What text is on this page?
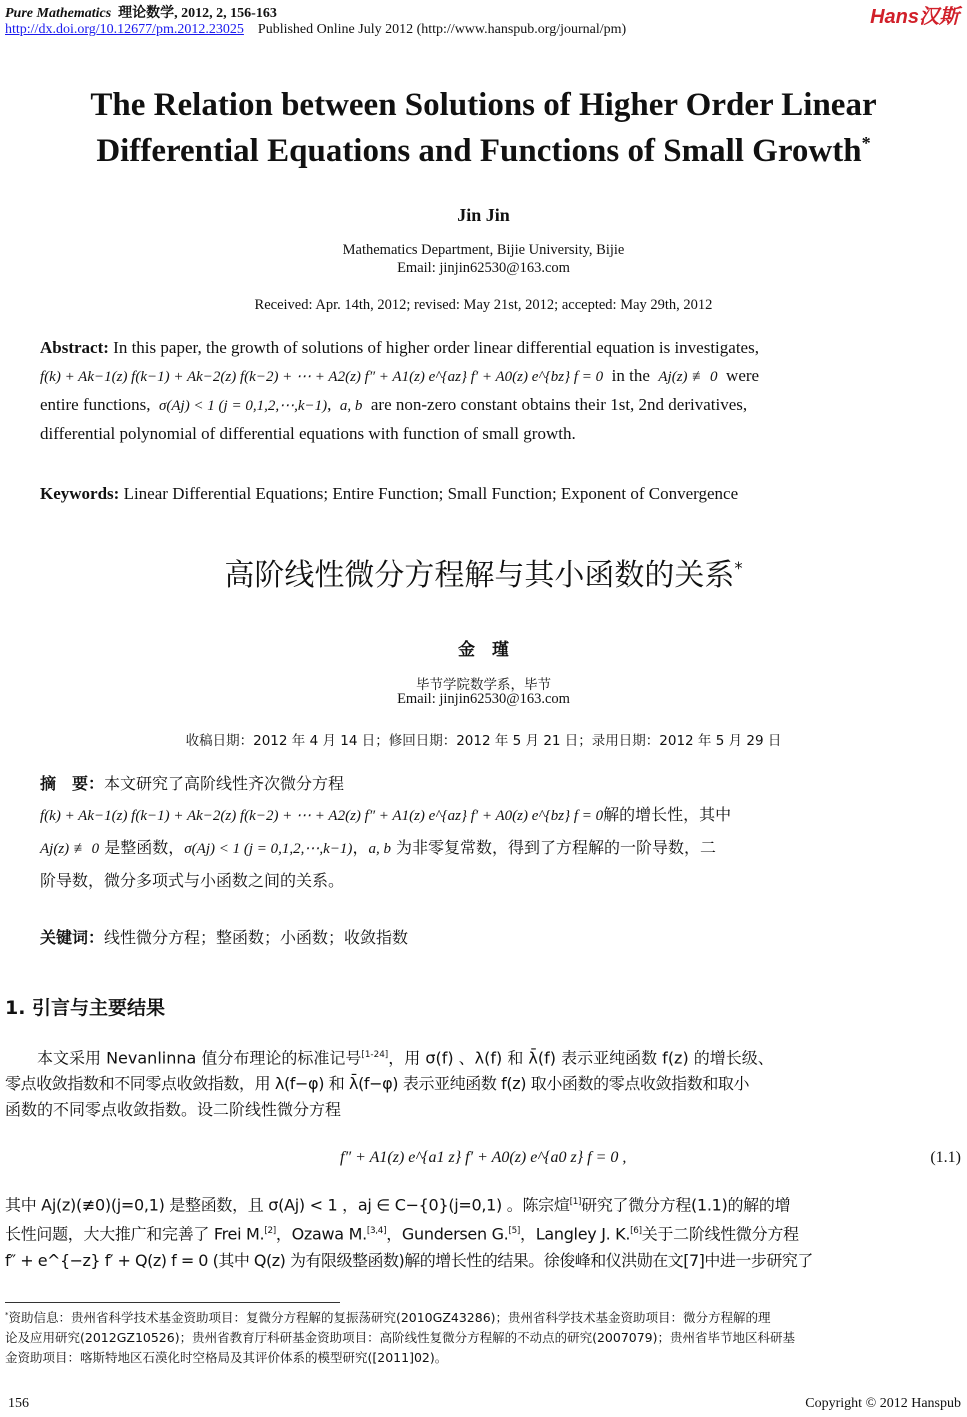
Pure Mathematics 理论数学, 2012, 2, 156-163
http://dx.doi.org/10.12677/pm.2012.23025 Published Online July 2012 (http://www.hanspub.org/journal/pm)
Hans汉斯
The Relation between Solutions of Higher Order Linear
Differential Equations and Functions of Small Growth*
Jin Jin
Mathematics Department, Bijie University, Bijie
Email: jinjin62530@163.com
Received: Apr. 14th, 2012; revised: May 21st, 2012; accepted: May 29th, 2012
Abstract: In this paper, the growth of solutions of higher order linear differential equation is investigates,
f(k) + Ak−1(z) f(k−1) + Ak−2(z) f(k−2) + ⋯ + A2(z) f″ + A1(z) e^{az} f′ + A0(z) e^{bz} f = 0 in the Aj(z) ≢ 0 were
entire functions, σ(Aj) < 1 (j = 0,1,2,⋯,k−1),  a, b are non-zero constant obtains their 1st, 2nd derivatives,
differential polynomial of differential equations with function of small growth.
Keywords: Linear Differential Equations; Entire Function; Small Function; Exponent of Convergence
高阶线性微分方程解与其小函数的关系*
金　瑾
毕节学院数学系，毕节
Email: jinjin62530@163.com
收稿日期：2012 年 4 月 14 日；修回日期：2012 年 5 月 21 日；录用日期：2012 年 5 月 29 日
摘　要：本文研究了高阶线性齐次微分方程
f(k) + Ak−1(z) f(k−1) + Ak−2(z) f(k−2) + ⋯ + A2(z) f″ + A1(z) e^{az} f′ + A0(z) e^{bz} f = 0解的增长性，其中
Aj(z) ≢ 0 是整函数，σ(Aj) < 1 (j = 0,1,2,⋯,k−1)，a, b 为非零复常数，得到了方程解的一阶导数，二
阶导数，微分多项式与小函数之间的关系。
关键词：线性微分方程；整函数；小函数；收敛指数
1. 引言与主要结果
本文采用 Nevanlinna 值分布理论的标准记号[1-24]，用 σ(f) 、λ(f) 和 λ̄(f) 表示亚纯函数 f(z) 的增长级、
零点收敛指数和不同零点收敛指数，用 λ(f−φ) 和 λ̄(f−φ) 表示亚纯函数 f(z) 取小函数的零点收敛指数和取小
函数的不同零点收敛指数。设二阶线性微分方程
f″ + A1(z) e^{a1 z} f′ + A0(z) e^{a0 z} f = 0 ,	(1.1)
其中 Aj(z)(≢0)(j=0,1) 是整函数，且 σ(Aj) < 1 ，aj ∈ C−{0}(j=0,1) 。陈宗煊[1]研究了微分方程(1.1)的解的增
长性问题，大大推广和完善了 Frei M.[2]，Ozawa M.[3,4]，Gundersen G.[5]，Langley J. K.[6]关于二阶线性微分方程
f″ + e^{−z} f′ + Q(z) f = 0 (其中 Q(z) 为有限级整函数)解的增长性的结果。徐俊峰和仪洪勋在文[7]中进一步研究了
*资助信息：贵州省科学技术基金资助项目：复微分方程解的复振荡研究(2010GZ43286)；贵州省科学技术基金资助项目：微分方程解的理
论及应用研究(2012GZ10526)；贵州省教育厅科研基金资助项目：高阶线性复微分方程解的不动点的研究(2007079)；贵州省毕节地区科研基
金资助项目：喀斯特地区石漠化时空格局及其评价体系的模型研究([2011]02)。
156	Copyright © 2012 Hanspub
